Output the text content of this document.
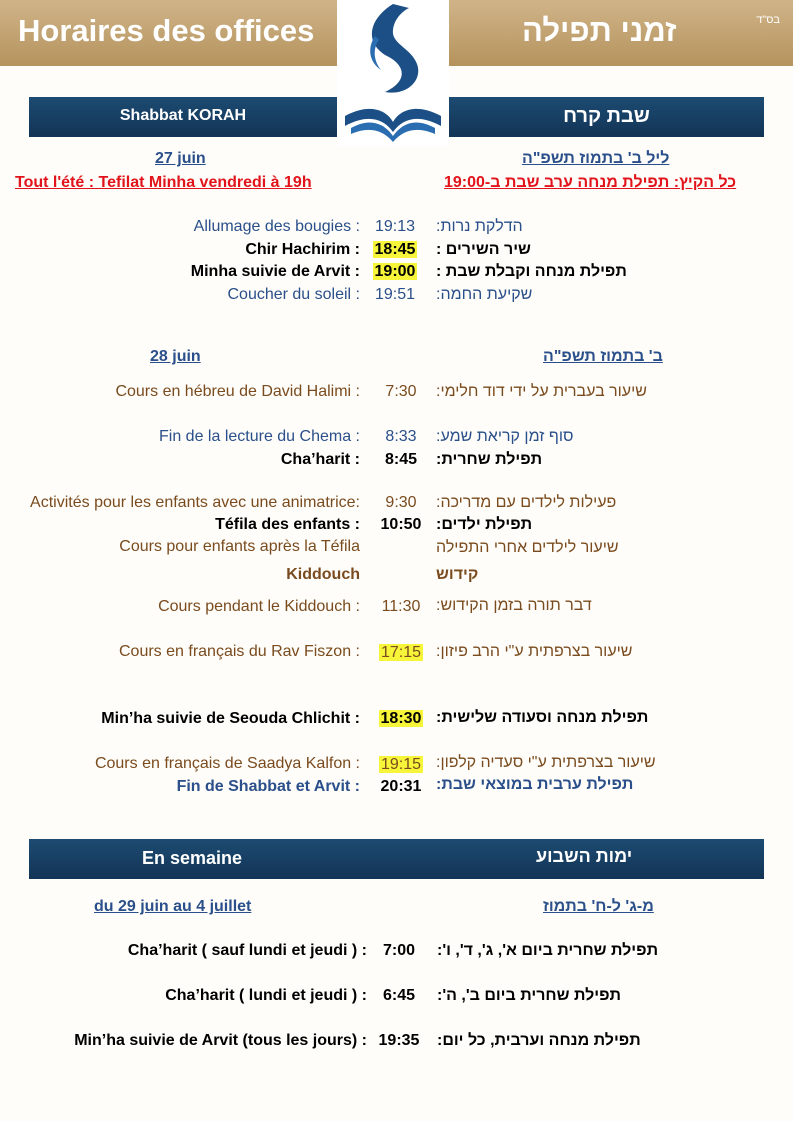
Horaires des offices	זמני תפילה	בס"ד
Shabbat KORAH	שבת קרח
27 juin	ליל ב' בתמוז תשפ"ה
Tout l'été : Tefilat Minha vendredi à 19h	כל הקיץ: תפילת מנחה ערב שבת ב-19:00
Allumage des bougies : 19:13	הדלקת נרות:
Chir Hachirim : 18:45	שיר השירים :
Minha suivie de Arvit : 19:00	תפילת מנחה וקבלת שבת :
Coucher du soleil : 19:51	שקיעת החמה:
28 juin	ב' בתמוז תשפ"ה
Cours en hébreu de David Halimi :	7:30	שיעור בעברית על ידי דוד חלימי:
Fin de la lecture du Chema :	8:33	סוף זמן קריאת שמע:
Cha’harit :	8:45	תפילת שחרית:
Activités pour les enfants avec une animatrice:	9:30	פעילות לילדים עם מדריכה:
Téfila des enfants :	10:50 תפילת ילדים:
Cours pour enfants après la Téfila	שיעור לילדים אחרי התפילה
Kiddouch	קידוש
Cours pendant le Kiddouch :	11:30 דבר תורה בזמן הקידוש:
Cours en français du Rav Fiszon :	17:15 שיעור בצרפתית ע"י הרב פיזון:
Min’ha suivie de Seouda Chlichit :	18:30 תפילת מנחה וסעודה שלישית:
Cours en français de Saadya Kalfon :	19:15 שיעור בצרפתית ע"י סעדיה קלפון:
Fin de Shabbat et Arvit :	20:31 תפילת ערבית במוצאי שבת:
En semaine	ימות השבוע
du 29 juin au 4 juillet	מ-ג' ל-ח' בתמוז
Cha’harit ( sauf lundi et jeudi ) : 7:00	תפילת שחרית ביום א', ג', ד', ו':
Cha’harit ( lundi et jeudi ) : 6:45	תפילת שחרית ביום ב', ה':
Min’ha suivie de Arvit (tous les jours) : 19:35	תפילת מנחה וערבית, כל יום:
